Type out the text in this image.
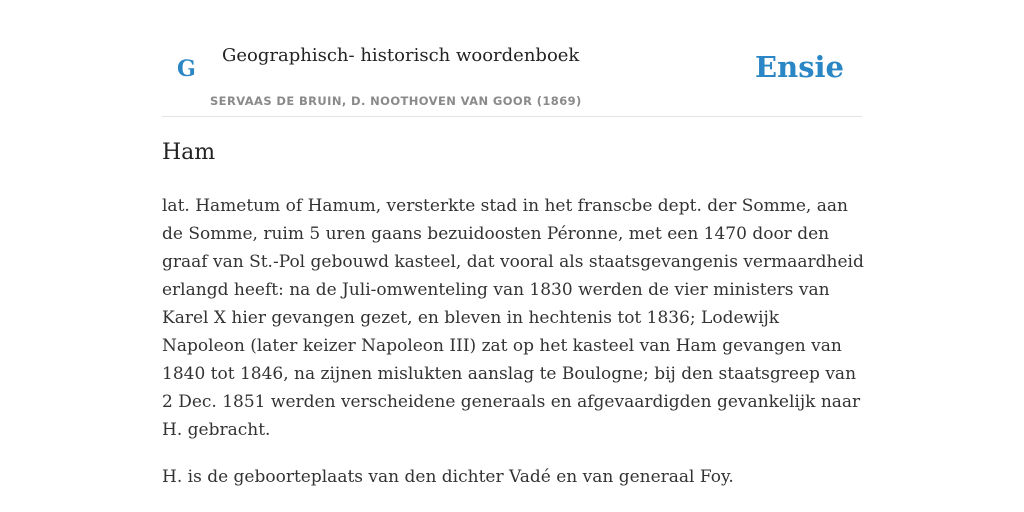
G
Geographisch- historisch woordenboek
SERVAAS DE BRUIN, D. NOOTHOVEN VAN GOOR (1869)
Ensie
Ham

lat. Hametum of Hamum, versterkte stad in het franscbe dept. der Somme, aan de Somme, ruim 5 uren gaans bezuidoosten Péronne, met een 1470 door den graaf van St.-Pol gebouwd kasteel, dat vooral als staatsgevangenis vermaardheid erlangd heeft: na de Juli-omwenteling van 1830 werden de vier ministers van Karel X hier gevangen gezet, en bleven in hechtenis tot 1836; Lodewijk Napoleon (later keizer Napoleon III) zat op het kasteel van Ham gevangen van 1840 tot 1846, na zijnen mislukten aanslag te Boulogne; bij den staatsgreep van 2 Dec. 1851 werden verscheidene generaals en afgevaardigden gevankelijk naar H. gebracht.

H. is de geboorteplaats van den dichter Vadé en van generaal Foy.
